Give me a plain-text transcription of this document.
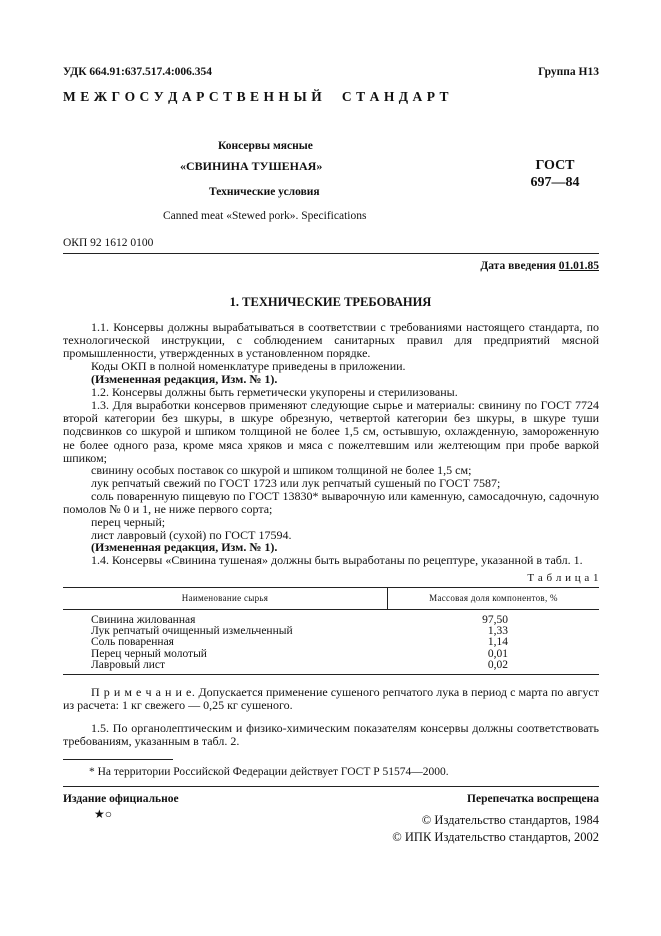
УДК 664.91:637.517.4:006.354	Группа Н13
М Е Ж Г О С У Д А Р С Т В Е Н Н Ы Й     С Т А Н Д А Р Т
Консервы мясные
«СВИНИНА ТУШЕНАЯ»
Технические условия
Canned meat «Stewed pork». Specifications
ГОСТ
697—84
ОКП 92 1612 0100
Дата введения 01.01.85
1. ТЕХНИЧЕСКИЕ ТРЕБОВАНИЯ
1.1. Консервы должны вырабатываться в соответствии с требованиями настоящего стандарта, по технологической инструкции, с соблюдением санитарных правил для предприятий мясной промышленности, утвержденных в установленном порядке.
Коды ОКП в полной номенклатуре приведены в приложении.
(Измененная редакция, Изм. № 1).
1.2. Консервы должны быть герметически укупорены и стерилизованы.
1.3. Для выработки консервов применяют следующие сырье и материалы: свинину по ГОСТ 7724 второй категории без шкуры, в шкуре обрезную, четвертой категории без шкуры, в шкуре туши подсвинков со шкурой и шпиком толщиной не более 1,5 см, остывшую, охлажденную, замороженную не более одного раза, кроме мяса хряков и мяса с пожелтевшим или желтеющим при пробе варкой шпиком;
свинину особых поставок со шкурой и шпиком толщиной не более 1,5 см;
лук репчатый свежий по ГОСТ 1723 или лук репчатый сушеный по ГОСТ 7587;
соль поваренную пищевую по ГОСТ 13830* выварочную или каменную, самосадочную, садочную помолов № 0 и 1, не ниже первого сорта;
перец черный;
лист лавровый (сухой) по ГОСТ 17594.
(Измененная редакция, Изм. № 1).
1.4. Консервы «Свинина тушеная» должны быть выработаны по рецептуре, указанной в табл. 1.
Т а б л и ц а 1
Наименование сырья	Массовая доля компонентов, %
Свинина жилованная	97,50
Лук репчатый очищенный измельченный	1,33
Соль поваренная	1,14
Перец черный молотый	0,01
Лавровый лист	0,02
П р и м е ч а н и е. Допускается применение сушеного репчатого лука в период с марта по август из расчета: 1 кг свежего — 0,25 кг сушеного.
1.5. По органолептическим и физико-химическим показателям консервы должны соответствовать требованиям, указанным в табл. 2.
* На территории Российской Федерации действует ГОСТ Р 51574—2000.
Издание официальное	Перепечатка воспрещена
★○	© Издательство стандартов, 1984
© ИПК Издательство стандартов, 2002
